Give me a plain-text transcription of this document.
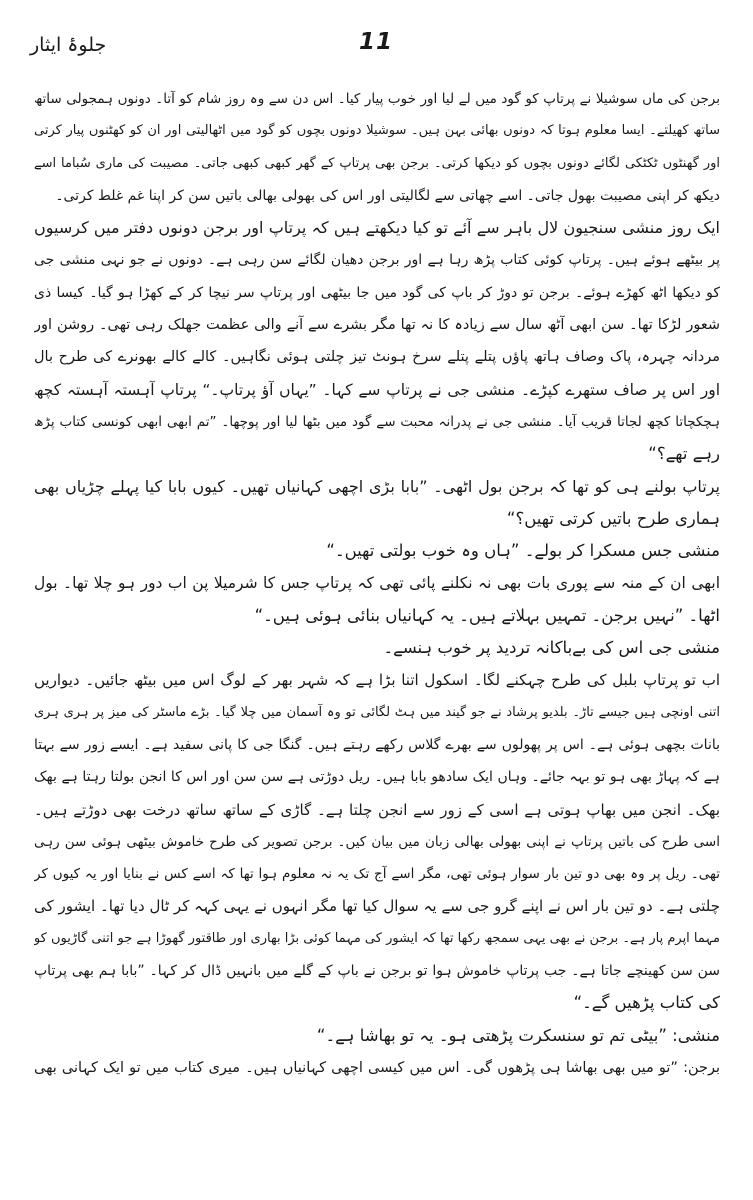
جلوۂ ایثار	11
برجن کی ماں سوشیلا نے پرتاپ کو گود میں لے لیا اور خوب پیار کیا۔ اس دن سے وہ روز شام کو آتا۔ دونوں ہمجولی ساتھ
ساتھ کھیلتے۔ ایسا معلوم ہوتا کہ دونوں بھائی بہن ہیں۔ سوشیلا دونوں بچوں کو گود میں اٹھالیتی اور ان کو کھٹنوں پیار کرتی
اور گھنٹوں ٹکٹکی لگائے دونوں بچوں کو دیکھا کرتی۔ برجن بھی پرتاپ کے گھر کبھی کبھی جاتی۔ مصیبت کی ماری سُباما اسے
دیکھ کر اپنی مصیبت بھول جاتی۔ اسے چھاتی سے لگالیتی اور اس کی بھولی بھالی باتیں سن کر اپنا غم غلط کرتی۔
ایک روز منشی سنجیون لال باہر سے آئے تو کیا دیکھتے ہیں کہ پرتاپ اور برجن دونوں دفتر میں کرسیوں
پر بیٹھے ہوئے ہیں۔ پرتاپ کوئی کتاب پڑھ رہا ہے اور برجن دھیان لگائے سن رہی ہے۔ دونوں نے جو نہی منشی جی
کو دیکھا اٹھ کھڑے ہوئے۔ برجن تو دوڑ کر باپ کی گود میں جا بیٹھی اور پرتاپ سر نیچا کر کے کھڑا ہو گیا۔ کیسا ذی
شعور لڑکا تھا۔ سن ابھی آٹھ سال سے زیادہ کا نہ تھا مگر بشرے سے آنے والی عظمت جھلک رہی تھی۔ روشن اور
مردانہ چہرہ، پاک وصاف ہاتھ پاؤں پتلے پتلے سرخ ہونٹ تیز چلتی ہوئی نگاہیں۔ کالے کالے بھونرے کی طرح بال
اور اس پر صاف ستھرے کپڑے۔ منشی جی نے پرتاپ سے کہا۔ ”یہاں آؤ پرتاپ۔“ پرتاپ آہستہ آہستہ کچھ
ہچکچاتا کچھ لجاتا قریب آیا۔ منشی جی نے پدرانہ محبت سے گود میں بٹھا لیا اور پوچھا۔ ”تم ابھی ابھی کونسی کتاب پڑھ
رہے تھے؟“
پرتاپ بولنے ہی کو تھا کہ برجن بول اٹھی۔ ”بابا بڑی اچھی کہانیاں تھیں۔ کیوں بابا کیا پہلے چڑیاں بھی
ہماری طرح باتیں کرتی تھیں؟“
منشی جس مسکرا کر بولے۔ ”ہاں وہ خوب بولتی تھیں۔“
ابھی ان کے منہ سے پوری بات بھی نہ نکلنے پائی تھی کہ پرتاپ جس کا شرمیلا پن اب دور ہو چلا تھا۔ بول
اٹھا۔ ”نہیں برجن۔ تمہیں بہلاتے ہیں۔ یہ کہانیاں بنائی ہوئی ہیں۔“
منشی جی اس کی بےباکانہ تردید پر خوب ہنسے۔
اب تو پرتاپ بلبل کی طرح چہکنے لگا۔ اسکول اتنا بڑا ہے کہ شہر بھر کے لوگ اس میں بیٹھ جائیں۔ دیواریں
اتنی اونچی ہیں جیسے تاڑ۔ بلدیو پرشاد نے جو گیند میں ہٹ لگائی تو وہ آسمان میں چلا گیا۔ بڑے ماسٹر کی میز پر ہری ہری
بانات بچھی ہوئی ہے۔ اس پر پھولوں سے بھرے گلاس رکھے رہتے ہیں۔ گنگا جی کا پانی سفید ہے۔ ایسے زور سے بہتا
ہے کہ پہاڑ بھی ہو تو بہہ جائے۔ وہاں ایک سادھو بابا ہیں۔ ریل دوڑتی ہے سن سن اور اس کا انجن بولتا رہتا ہے بھک
بھک۔ انجن میں بھاپ ہوتی ہے اسی کے زور سے انجن چلتا ہے۔ گاڑی کے ساتھ ساتھ درخت بھی دوڑتے ہیں۔
اسی طرح کی باتیں پرتاپ نے اپنی بھولی بھالی زبان میں بیان کیں۔ برجن تصویر کی طرح خاموش بیٹھی ہوئی سن رہی
تھی۔ ریل پر وہ بھی دو تین بار سوار ہوئی تھی، مگر اسے آج تک یہ نہ معلوم ہوا تھا کہ اسے کس نے بنایا اور یہ کیوں کر
چلتی ہے۔ دو تین بار اس نے اپنے گرو جی سے یہ سوال کیا تھا مگر انہوں نے یہی کہہ کر ٹال دیا تھا۔ ایشور کی
مہما اپرم پار ہے۔ برجن نے بھی یہی سمجھ رکھا تھا کہ ایشور کی مہما کوئی بڑا بھاری اور طاقتور گھوڑا ہے جو اتنی گاڑیوں کو
سن سن کھینچے جاتا ہے۔ جب پرتاپ خاموش ہوا تو برجن نے باپ کے گلے میں بانہیں ڈال کر کہا۔ ”بابا ہم بھی پرتاپ
کی کتاب پڑھیں گے۔“
منشی: ”بیٹی تم تو سنسکرت پڑھتی ہو۔ یہ تو بھاشا ہے۔“
برجن: ”تو میں بھی بھاشا ہی پڑھوں گی۔ اس میں کیسی اچھی کہانیاں ہیں۔ میری کتاب میں تو ایک کہانی بھی
